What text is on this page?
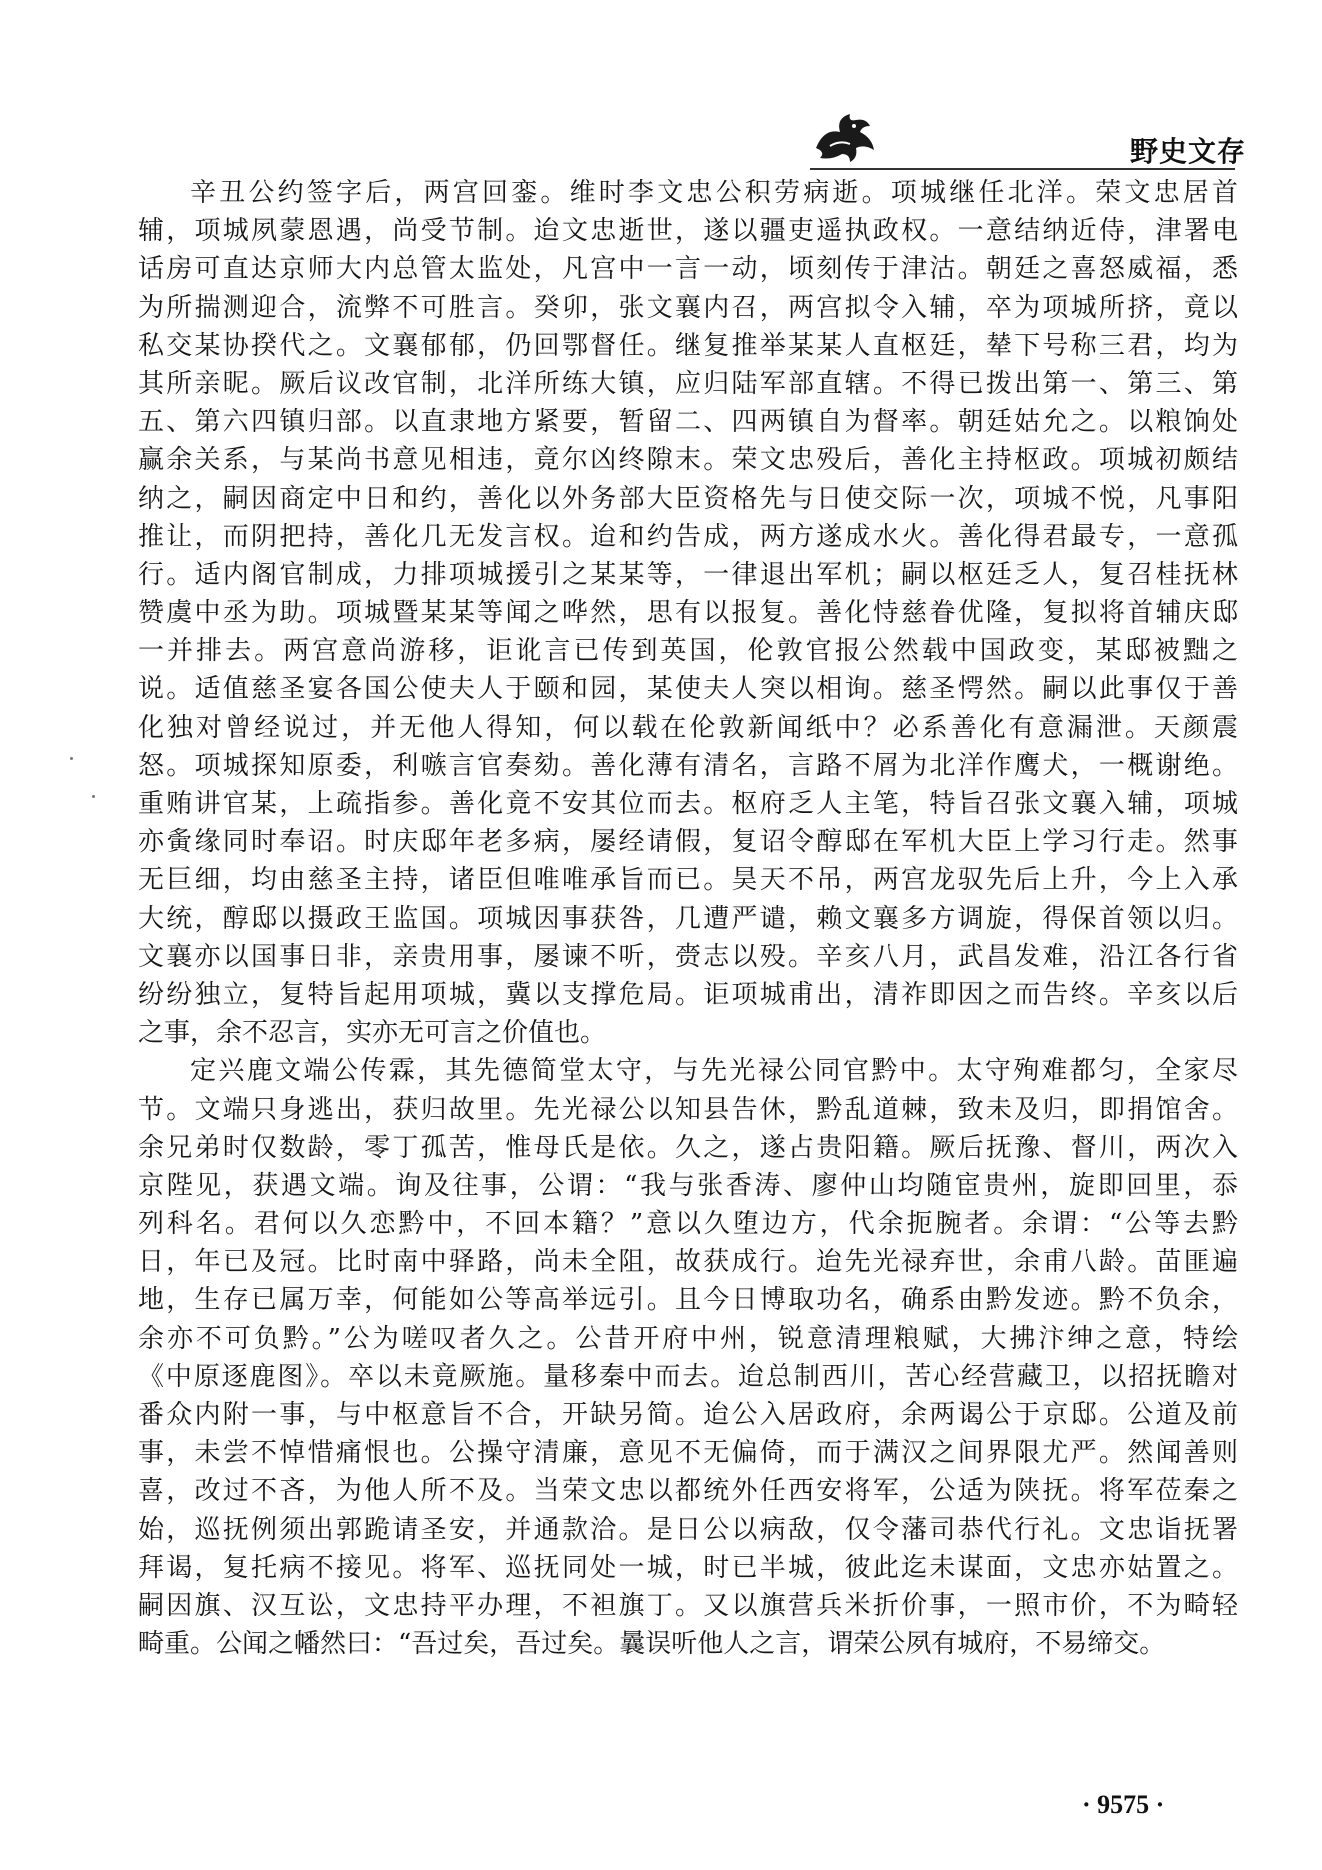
野史文存
辛丑公约签字后，两宫回銮。维时李文忠公积劳病逝。项城继任北洋。荣文忠居首
辅，项城夙蒙恩遇，尚受节制。迨文忠逝世，遂以疆吏遥执政权。一意结纳近侍，津署电
话房可直达京师大内总管太监处，凡宫中一言一动，顷刻传于津沽。朝廷之喜怒威福，悉
为所揣测迎合，流弊不可胜言。癸卯，张文襄内召，两宫拟令入辅，卒为项城所挤，竟以
私交某协揆代之。文襄郁郁，仍回鄂督任。继复推举某某人直枢廷，辇下号称三君，均为
其所亲昵。厥后议改官制，北洋所练大镇，应归陆军部直辖。不得已拨出第一、第三、第
五、第六四镇归部。以直隶地方紧要，暂留二、四两镇自为督率。朝廷姑允之。以粮饷处
赢余关系，与某尚书意见相违，竟尔凶终隙末。荣文忠殁后，善化主持枢政。项城初颇结
纳之，嗣因商定中日和约，善化以外务部大臣资格先与日使交际一次，项城不悦，凡事阳
推让，而阴把持，善化几无发言权。迨和约告成，两方遂成水火。善化得君最专，一意孤
行。适内阁官制成，力排项城援引之某某等，一律退出军机；嗣以枢廷乏人，复召桂抚林
赞虞中丞为助。项城暨某某等闻之哗然，思有以报复。善化恃慈眷优隆，复拟将首辅庆邸
一并排去。两宫意尚游移，讵讹言已传到英国，伦敦官报公然载中国政变，某邸被黜之
说。适值慈圣宴各国公使夫人于颐和园，某使夫人突以相询。慈圣愕然。嗣以此事仅于善
化独对曾经说过，并无他人得知，何以载在伦敦新闻纸中？必系善化有意漏泄。天颜震
怒。项城探知原委，利嗾言官奏劾。善化薄有清名，言路不屑为北洋作鹰犬，一概谢绝。
重贿讲官某，上疏指参。善化竟不安其位而去。枢府乏人主笔，特旨召张文襄入辅，项城
亦夤缘同时奉诏。时庆邸年老多病，屡经请假，复诏令醇邸在军机大臣上学习行走。然事
无巨细，均由慈圣主持，诸臣但唯唯承旨而已。昊天不吊，两宫龙驭先后上升，今上入承
大统，醇邸以摄政王监国。项城因事获咎，几遭严谴，赖文襄多方调旋，得保首领以归。
文襄亦以国事日非，亲贵用事，屡谏不听，赍志以殁。辛亥八月，武昌发难，沿江各行省
纷纷独立，复特旨起用项城，冀以支撑危局。讵项城甫出，清祚即因之而告终。辛亥以后
之事，余不忍言，实亦无可言之价值也。
定兴鹿文端公传霖，其先德简堂太守，与先光禄公同官黔中。太守殉难都匀，全家尽
节。文端只身逃出，获归故里。先光禄公以知县告休，黔乱道棘，致未及归，即捐馆舍。
余兄弟时仅数龄，零丁孤苦，惟母氏是依。久之，遂占贵阳籍。厥后抚豫、督川，两次入
京陛见，获遇文端。询及往事，公谓：“我与张香涛、廖仲山均随宦贵州，旋即回里，忝
列科名。君何以久恋黔中，不回本籍？”意以久堕边方，代余扼腕者。余谓：“公等去黔
日，年已及冠。比时南中驿路，尚未全阻，故获成行。迨先光禄弃世，余甫八龄。苗匪遍
地，生存已属万幸，何能如公等高举远引。且今日博取功名，确系由黔发迹。黔不负余，
余亦不可负黔。”公为嗟叹者久之。公昔开府中州，锐意清理粮赋，大拂汴绅之意，特绘
《中原逐鹿图》。卒以未竟厥施。量移秦中而去。迨总制西川，苦心经营藏卫，以招抚瞻对
番众内附一事，与中枢意旨不合，开缺另简。迨公入居政府，余两谒公于京邸。公道及前
事，未尝不悼惜痛恨也。公操守清廉，意见不无偏倚，而于满汉之间界限尤严。然闻善则
喜，改过不吝，为他人所不及。当荣文忠以都统外任西安将军，公适为陕抚。将军莅秦之
始，巡抚例须出郭跪请圣安，并通款洽。是日公以病敌，仅令藩司恭代行礼。文忠诣抚署
拜谒，复托病不接见。将军、巡抚同处一城，时已半城，彼此迄未谋面，文忠亦姑置之。
嗣因旗、汉互讼，文忠持平办理，不袒旗丁。又以旗营兵米折价事，一照市价，不为畸轻
畸重。公闻之幡然曰：“吾过矣，吾过矣。曩误听他人之言，谓荣公夙有城府，不易缔交。
· 9575 ·
